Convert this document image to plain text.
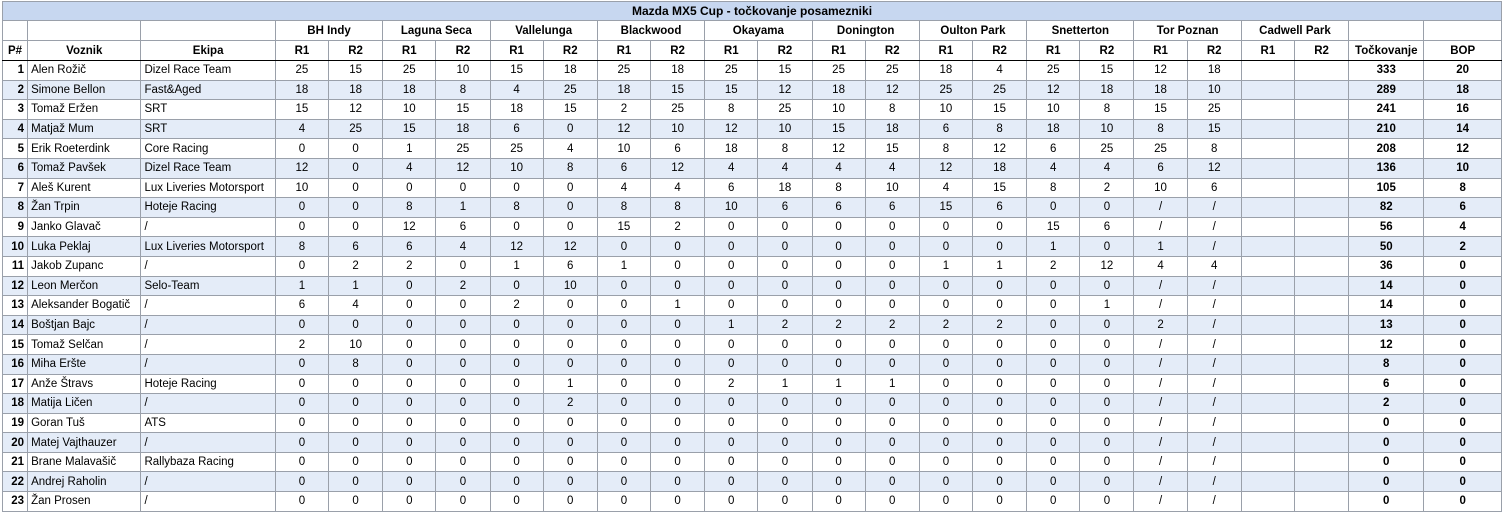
Mazda MX5 Cup - točkovanje posamezniki																								
			BH Indy		Laguna Seca		Vallelunga		Blackwood		Okayama		Donington		Oulton Park		Snetterton		Tor Poznan		Cadwell Park			
P#	Voznik	Ekipa	R1	R2	R1	R2	R1	R2	R1	R2	R1	R2	R1	R2	R1	R2	R1	R2	R1	R2	R1	R2	Točkovanje	BOP
1	Alen Rožič	Dizel Race Team	25	15	25	10	15	18	25	18	25	15	25	25	18	4	25	15	12	18			333	20
2	Simone Bellon	Fast&Aged	18	18	18	8	4	25	18	15	15	12	18	12	25	25	12	18	18	10			289	18
3	Tomaž Eržen	SRT	15	12	10	15	18	15	2	25	8	25	10	8	10	15	10	8	15	25			241	16
4	Matjaž Mum	SRT	4	25	15	18	6	0	12	10	12	10	15	18	6	8	18	10	8	15			210	14
5	Erik Roeterdink	Core Racing	0	0	1	25	25	4	10	6	18	8	12	15	8	12	6	25	25	8			208	12
6	Tomaž Pavšek	Dizel Race Team	12	0	4	12	10	8	6	12	4	4	4	4	12	18	4	4	6	12			136	10
7	Aleš Kurent	Lux Liveries Motorsport	10	0	0	0	0	0	4	4	6	18	8	10	4	15	8	2	10	6			105	8
8	Žan Trpin	Hoteje Racing	0	0	8	1	8	0	8	8	10	6	6	6	15	6	0	0	/	/			82	6
9	Janko Glavač	/	0	0	12	6	0	0	15	2	0	0	0	0	0	0	15	6	/	/			56	4
10	Luka Peklaj	Lux Liveries Motorsport	8	6	6	4	12	12	0	0	0	0	0	0	0	0	1	0	1	/			50	2
11	Jakob Zupanc	/	0	2	2	0	1	6	1	0	0	0	0	0	1	1	2	12	4	4			36	0
12	Leon Merčon	Selo-Team	1	1	0	2	0	10	0	0	0	0	0	0	0	0	0	0	/	/			14	0
13	Aleksander Bogatič	/	6	4	0	0	2	0	0	1	0	0	0	0	0	0	0	1	/	/			14	0
14	Boštjan Bajc	/	0	0	0	0	0	0	0	0	1	2	2	2	2	2	0	0	2	/			13	0
15	Tomaž Selčan	/	2	10	0	0	0	0	0	0	0	0	0	0	0	0	0	0	/	/			12	0
16	Miha Eršte	/	0	8	0	0	0	0	0	0	0	0	0	0	0	0	0	0	/	/			8	0
17	Anže Štravs	Hoteje Racing	0	0	0	0	0	1	0	0	2	1	1	1	0	0	0	0	/	/			6	0
18	Matija Ličen	/	0	0	0	0	0	2	0	0	0	0	0	0	0	0	0	0	/	/			2	0
19	Goran Tuš	ATS	0	0	0	0	0	0	0	0	0	0	0	0	0	0	0	0	/	/			0	0
20	Matej Vajthauzer	/	0	0	0	0	0	0	0	0	0	0	0	0	0	0	0	0	/	/			0	0
21	Brane Malavašič	Rallybaza Racing	0	0	0	0	0	0	0	0	0	0	0	0	0	0	0	0	/	/			0	0
22	Andrej Raholin	/	0	0	0	0	0	0	0	0	0	0	0	0	0	0	0	0	/	/			0	0
23	Žan Prosen	/	0	0	0	0	0	0	0	0	0	0	0	0	0	0	0	0	/	/			0	0
